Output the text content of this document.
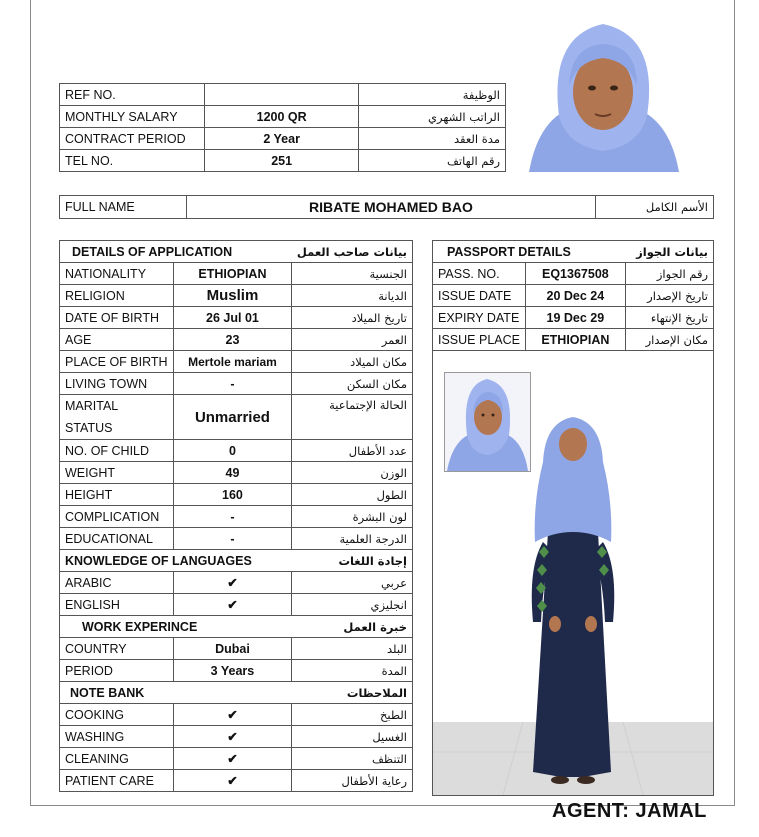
REF NO.		الوظيفة
MONTHLY SALARY	1200 QR	الراتب الشهري
CONTRACT PERIOD	2 Year	مدة العقد
TEL NO.	251	رقم الهاتف
FULL NAME	RIBATE MOHAMED BAO	الأسم الكامل
DETAILS OF APPLICATION		بيانات صاحب العمل
NATIONALITY	ETHIOPIAN	الجنسية
RELIGION	Muslim	الديانة
DATE OF BIRTH	26 Jul 01	تاريخ الميلاد
AGE	23	العمر
PLACE OF BIRTH	Mertole mariam	مكان الميلاد
LIVING TOWN	-	مكان السكن
MARITAL STATUS	Unmarried	الحالة الإجتماعية
NO. OF CHILD	0	عدد الأطفال
WEIGHT	49	الوزن
HEIGHT	160	الطول
COMPLICATION	-	لون البشرة
EDUCATIONAL	-	الدرجة العلمية
KNOWLEDGE OF LANGUAGES		إجادة اللغات
ARABIC	✔	عربي
ENGLISH	✔	انجليزي
WORK EXPERINCE		خبرة العمل
COUNTRY	Dubai	البلد
PERIOD	3 Years	المدة
NOTE BANK		الملاحظات
COOKING	✔	الطبخ
WASHING	✔	الغسيل
CLEANING	✔	التنظف
PATIENT CARE	✔	رعاية الأطفال
PASSPORT DETAILS		بيانات الجواز
PASS. NO.	EQ1367508	رقم الجواز
ISSUE DATE	20 Dec 24	تاريخ الإصدار
EXPIRY DATE	19 Dec 29	تاريخ الإنتهاء
ISSUE PLACE	ETHIOPIAN	مكان الإصدار
AGENT: JAMAL
